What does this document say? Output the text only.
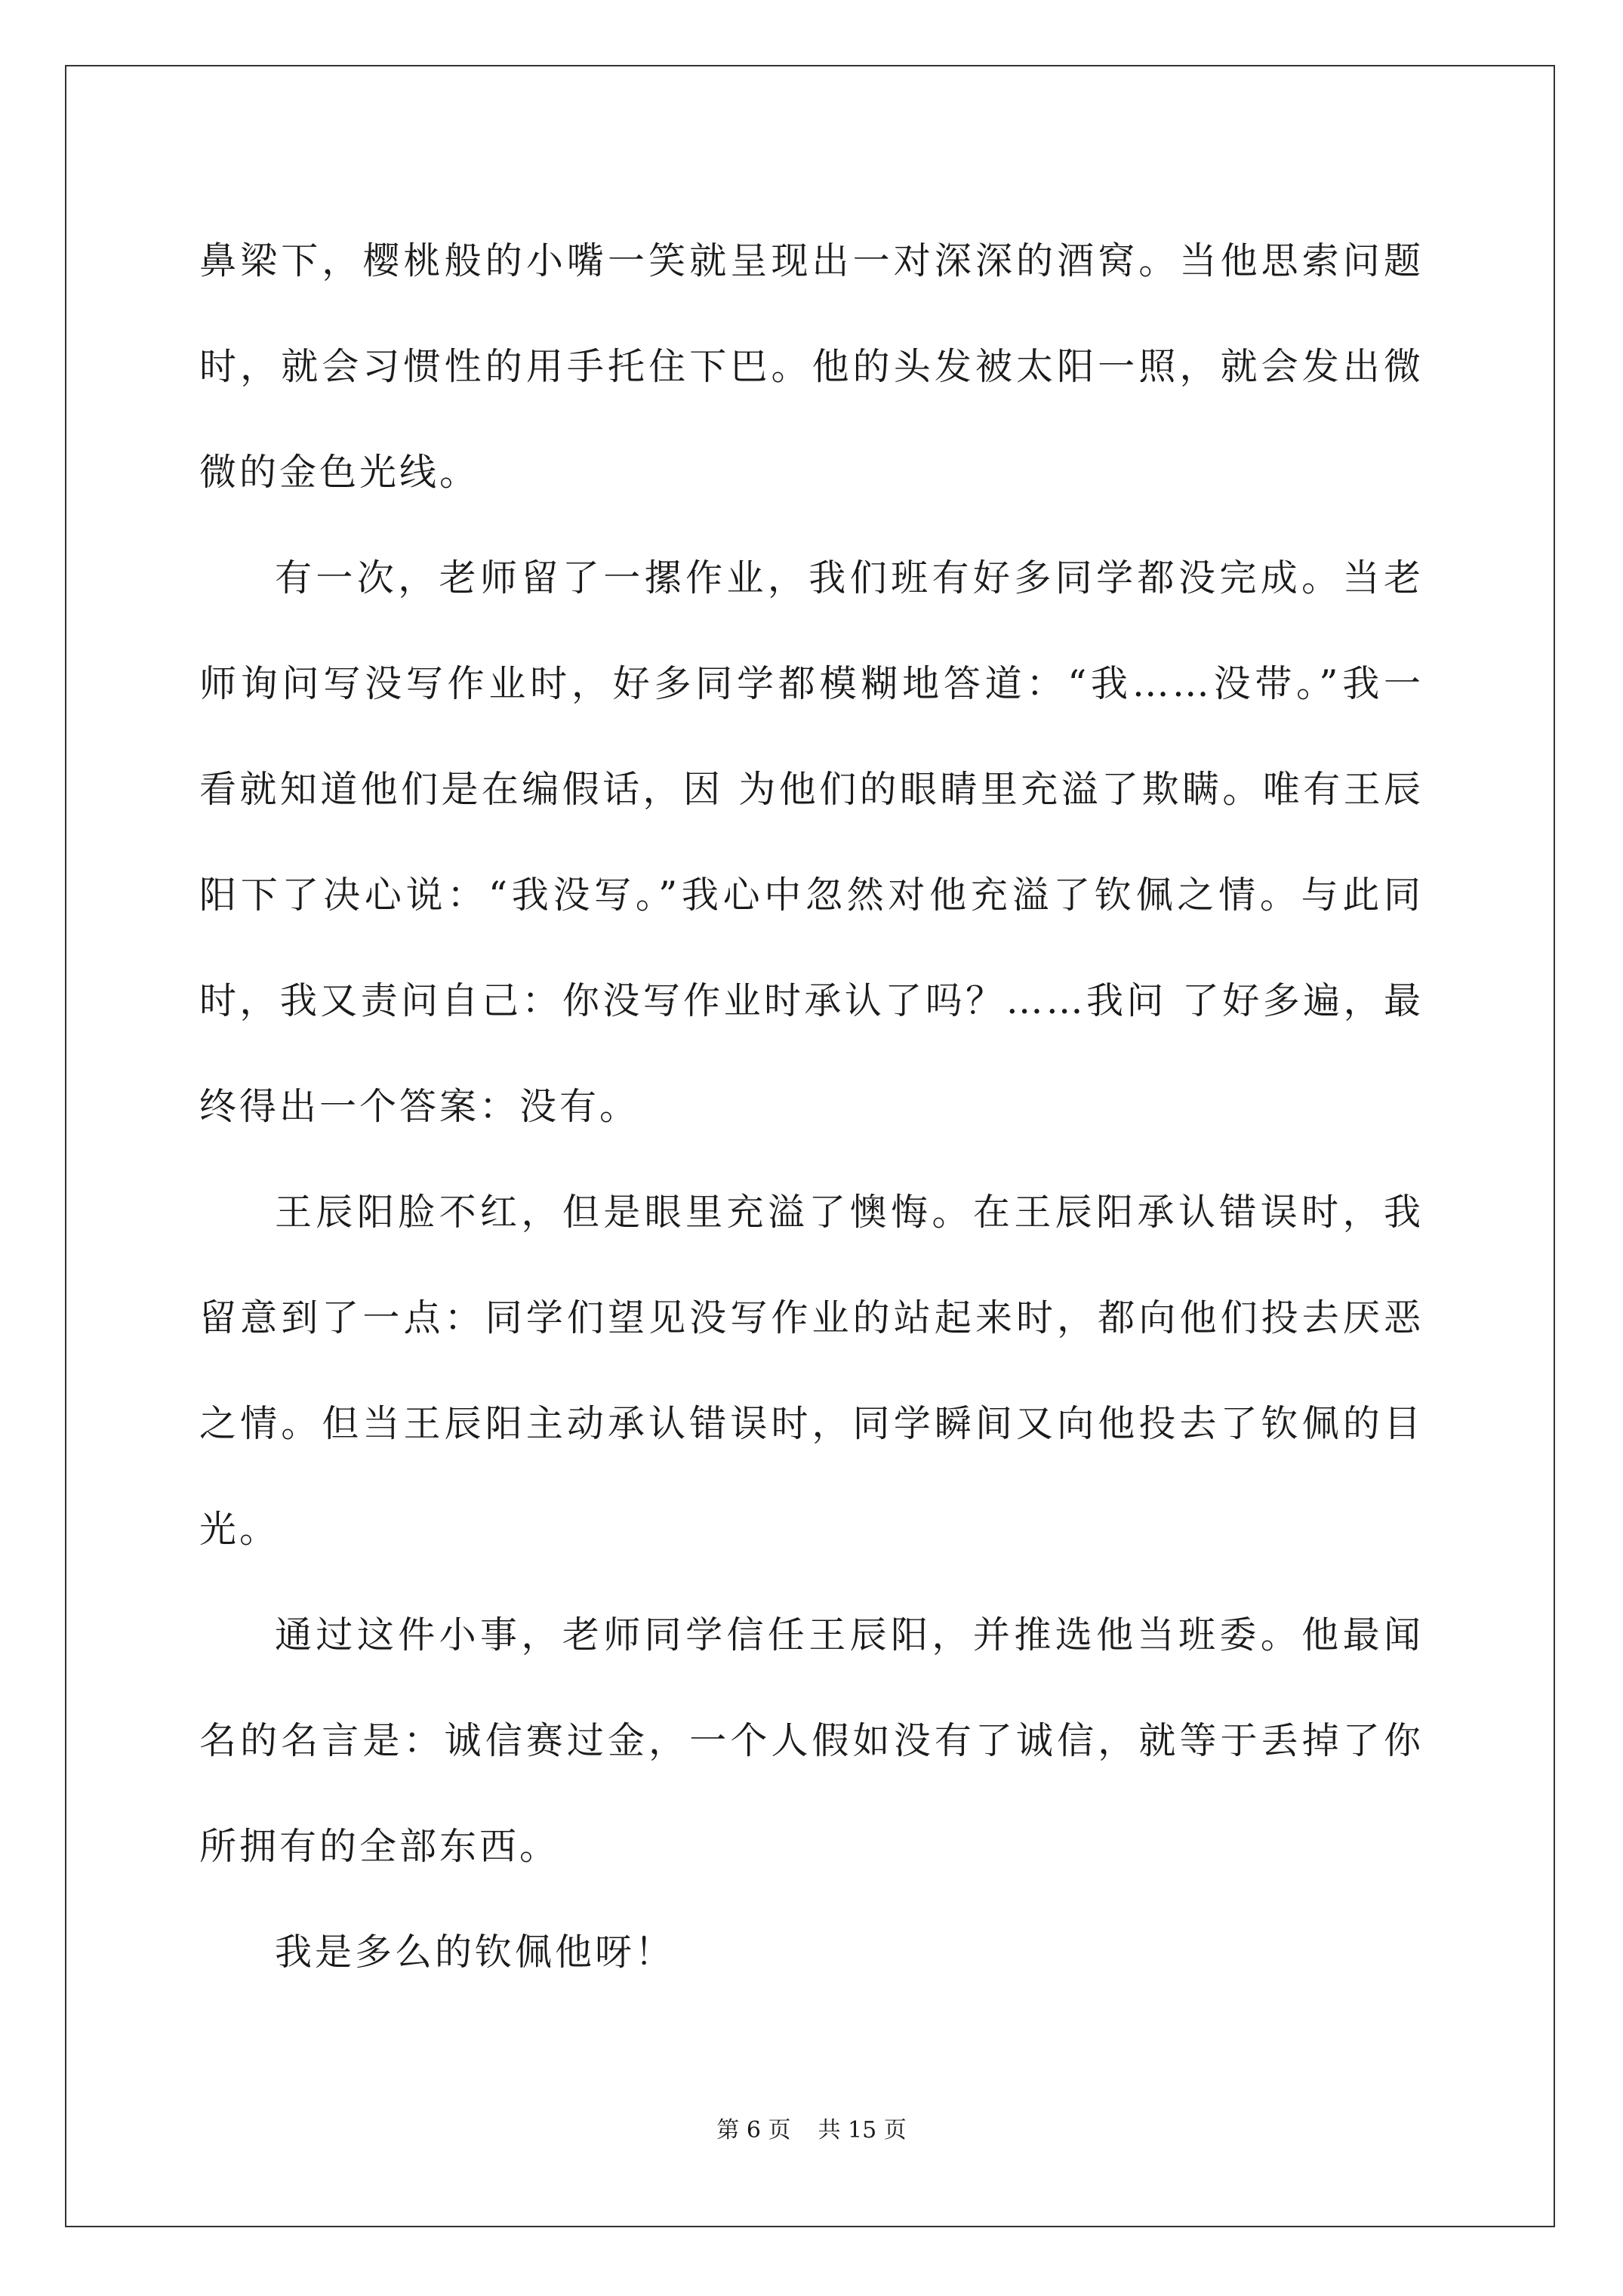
鼻梁下，樱桃般的小嘴一笑就呈现出一对深深的酒窝。当他思索问题时，就会习惯性的用手托住下巴。他的头发被太阳一照，就会发出微微的金色光线。

有一次，老师留了一摞作业，我们班有好多同学都没完成。当老师询问写没写作业时，好多同学都模糊地答道：“我……没带。”我一看就知道他们是在编假话，因 为他们的眼睛里充溢了欺瞒。唯有王辰阳下了决心说：“我没写。”我心中忽然对他充溢了钦佩之情。与此同时，我又责问自己：你没写作业时承认了吗？……我问 了好多遍，最终得出一个答案：没有。

王辰阳脸不红，但是眼里充溢了懊悔。在王辰阳承认错误时，我留意到了一点：同学们望见没写作业的站起来时，都向他们投去厌恶之情。但当王辰阳主动承认错误时，同学瞬间又向他投去了钦佩的目光。

通过这件小事，老师同学信任王辰阳，并推选他当班委。他最闻名的名言是：诚信赛过金，一个人假如没有了诚信，就等于丢掉了你所拥有的全部东西。

我是多么的钦佩他呀！

第 6 页 共 15 页
